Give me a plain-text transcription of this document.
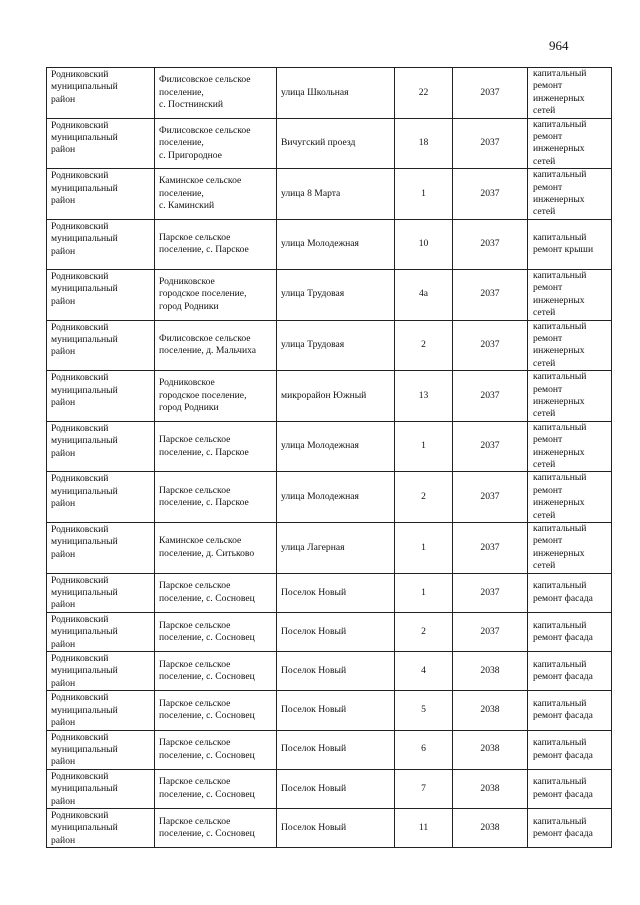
964
Родниковский
муниципальный
район	Филисовское сельское
поселение,
с. Постнинский	улица Школьная	22	2037	капитальный
ремонт
инженерных
сетей
Родниковский
муниципальный
район	Филисовское сельское
поселение,
с. Пригородное	Вичугский проезд	18	2037	капитальный
ремонт
инженерных
сетей
Родниковский
муниципальный
район	Каминское сельское
поселение,
с. Каминский	улица 8 Марта	1	2037	капитальный
ремонт
инженерных
сетей
Родниковский
муниципальный
район	Парское сельское
поселение, с. Парское	улица Молодежная	10	2037	капитальный
ремонт крыши
Родниковский
муниципальный
район	Родниковское
городское поселение,
город Родники	улица Трудовая	4а	2037	капитальный
ремонт
инженерных
сетей
Родниковский
муниципальный
район	Филисовское сельское
поселение, д. Мальчиха	улица Трудовая	2	2037	капитальный
ремонт
инженерных
сетей
Родниковский
муниципальный
район	Родниковское
городское поселение,
город Родники	микрорайон Южный	13	2037	капитальный
ремонт
инженерных
сетей
Родниковский
муниципальный
район	Парское сельское
поселение, с. Парское	улица Молодежная	1	2037	капитальный
ремонт
инженерных
сетей
Родниковский
муниципальный
район	Парское сельское
поселение, с. Парское	улица Молодежная	2	2037	капитальный
ремонт
инженерных
сетей
Родниковский
муниципальный
район	Каминское сельское
поселение, д. Ситьково	улица Лагерная	1	2037	капитальный
ремонт
инженерных
сетей
Родниковский
муниципальный
район	Парское сельское
поселение, с. Сосновец	Поселок Новый	1	2037	капитальный
ремонт фасада
Родниковский
муниципальный
район	Парское сельское
поселение, с. Сосновец	Поселок Новый	2	2037	капитальный
ремонт фасада
Родниковский
муниципальный
район	Парское сельское
поселение, с. Сосновец	Поселок Новый	4	2038	капитальный
ремонт фасада
Родниковский
муниципальный
район	Парское сельское
поселение, с. Сосновец	Поселок Новый	5	2038	капитальный
ремонт фасада
Родниковский
муниципальный
район	Парское сельское
поселение, с. Сосновец	Поселок Новый	6	2038	капитальный
ремонт фасада
Родниковский
муниципальный
район	Парское сельское
поселение, с. Сосновец	Поселок Новый	7	2038	капитальный
ремонт фасада
Родниковский
муниципальный
район	Парское сельское
поселение, с. Сосновец	Поселок Новый	11	2038	капитальный
ремонт фасада
